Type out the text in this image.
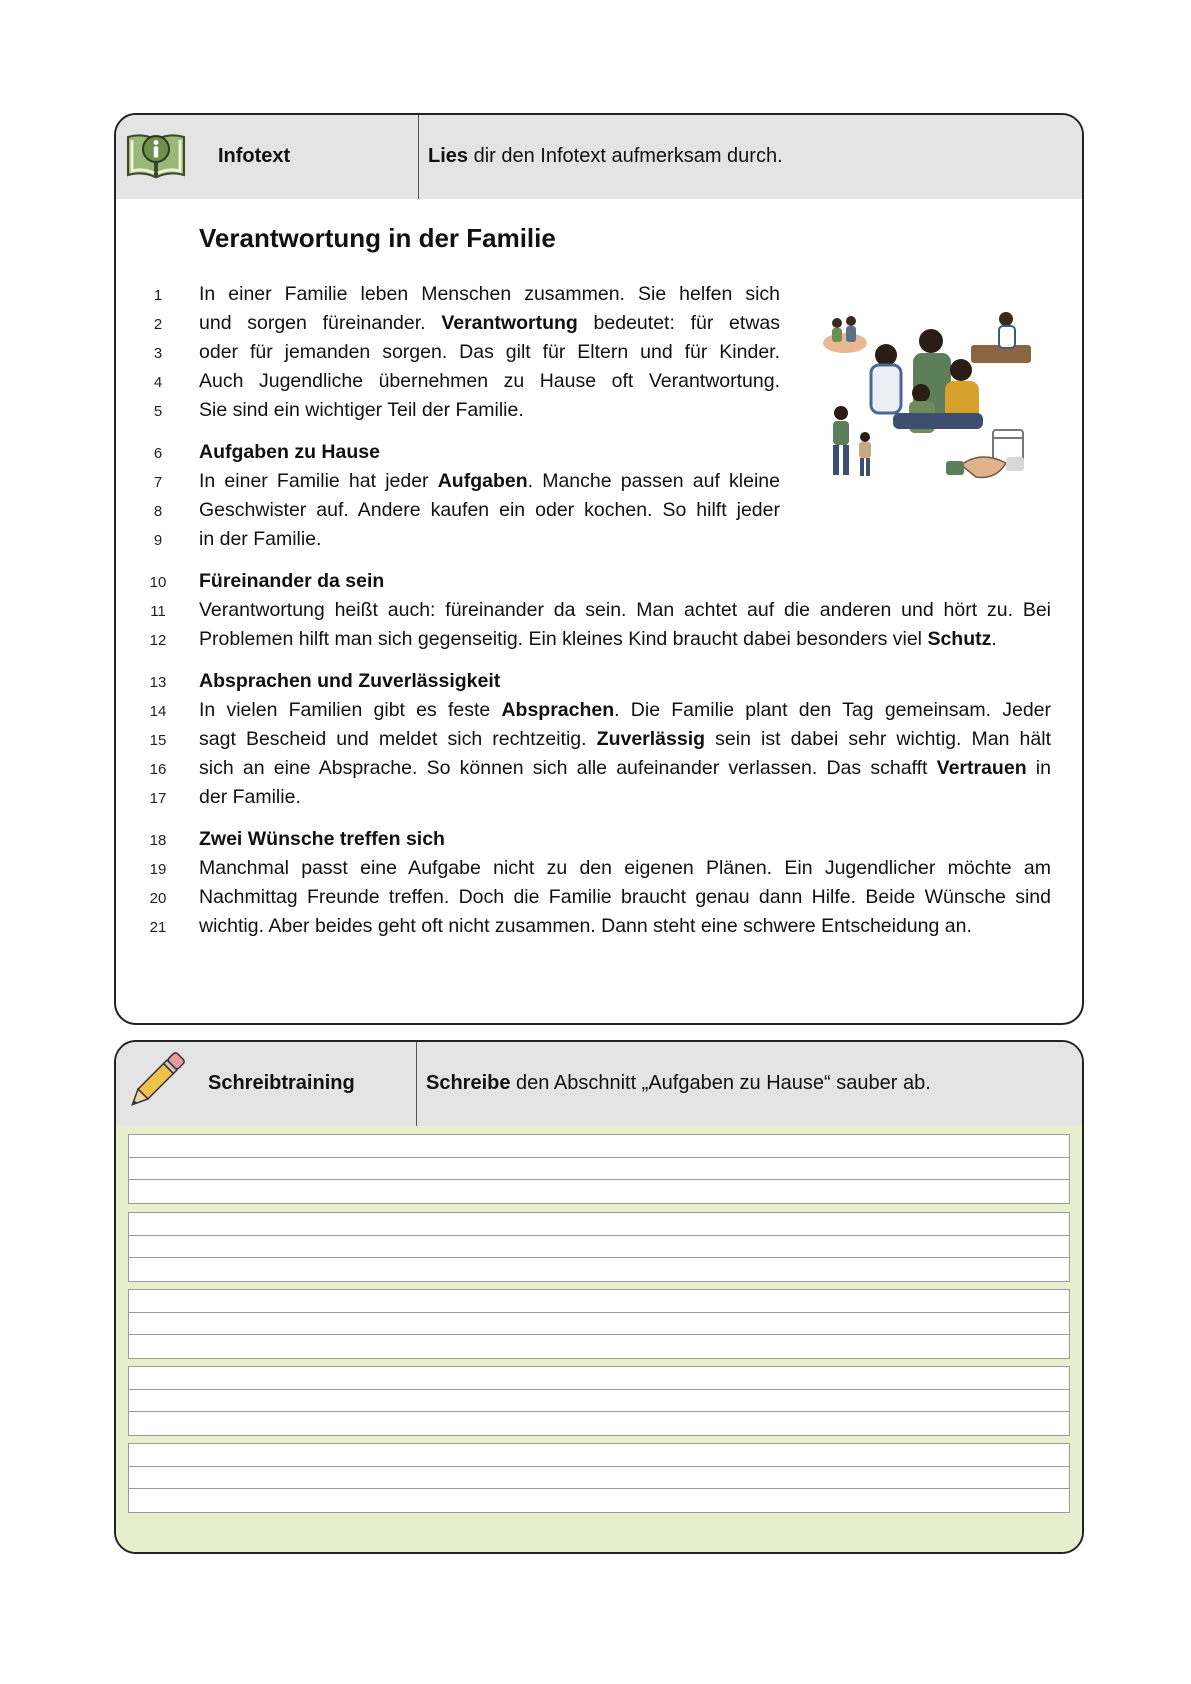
Infotext	Lies dir den Infotext aufmerksam durch.
Verantwortung in der Familie
1	In einer Familie leben Menschen zusammen. Sie helfen sich
2	und sorgen füreinander. Verantwortung bedeutet: für etwas
3	oder für jemanden sorgen. Das gilt für Eltern und für Kinder.
4	Auch Jugendliche übernehmen zu Hause oft Verantwortung.
5	Sie sind ein wichtiger Teil der Familie.
6	Aufgaben zu Hause
7	In einer Familie hat jeder Aufgaben. Manche passen auf kleine
8	Geschwister auf. Andere kaufen ein oder kochen. So hilft jeder
9	in der Familie.
10	Füreinander da sein
11	Verantwortung heißt auch: füreinander da sein. Man achtet auf die anderen und hört zu. Bei
12	Problemen hilft man sich gegenseitig. Ein kleines Kind braucht dabei besonders viel Schutz.
13	Absprachen und Zuverlässigkeit
14	In vielen Familien gibt es feste Absprachen. Die Familie plant den Tag gemeinsam. Jeder
15	sagt Bescheid und meldet sich rechtzeitig. Zuverlässig sein ist dabei sehr wichtig. Man hält
16	sich an eine Absprache. So können sich alle aufeinander verlassen. Das schafft Vertrauen in
17	der Familie.
18	Zwei Wünsche treffen sich
19	Manchmal passt eine Aufgabe nicht zu den eigenen Plänen. Ein Jugendlicher möchte am
20	Nachmittag Freunde treffen. Doch die Familie braucht genau dann Hilfe. Beide Wünsche sind
21	wichtig. Aber beides geht oft nicht zusammen. Dann steht eine schwere Entscheidung an.
Schreibtraining	Schreibe den Abschnitt „Aufgaben zu Hause“ sauber ab.
